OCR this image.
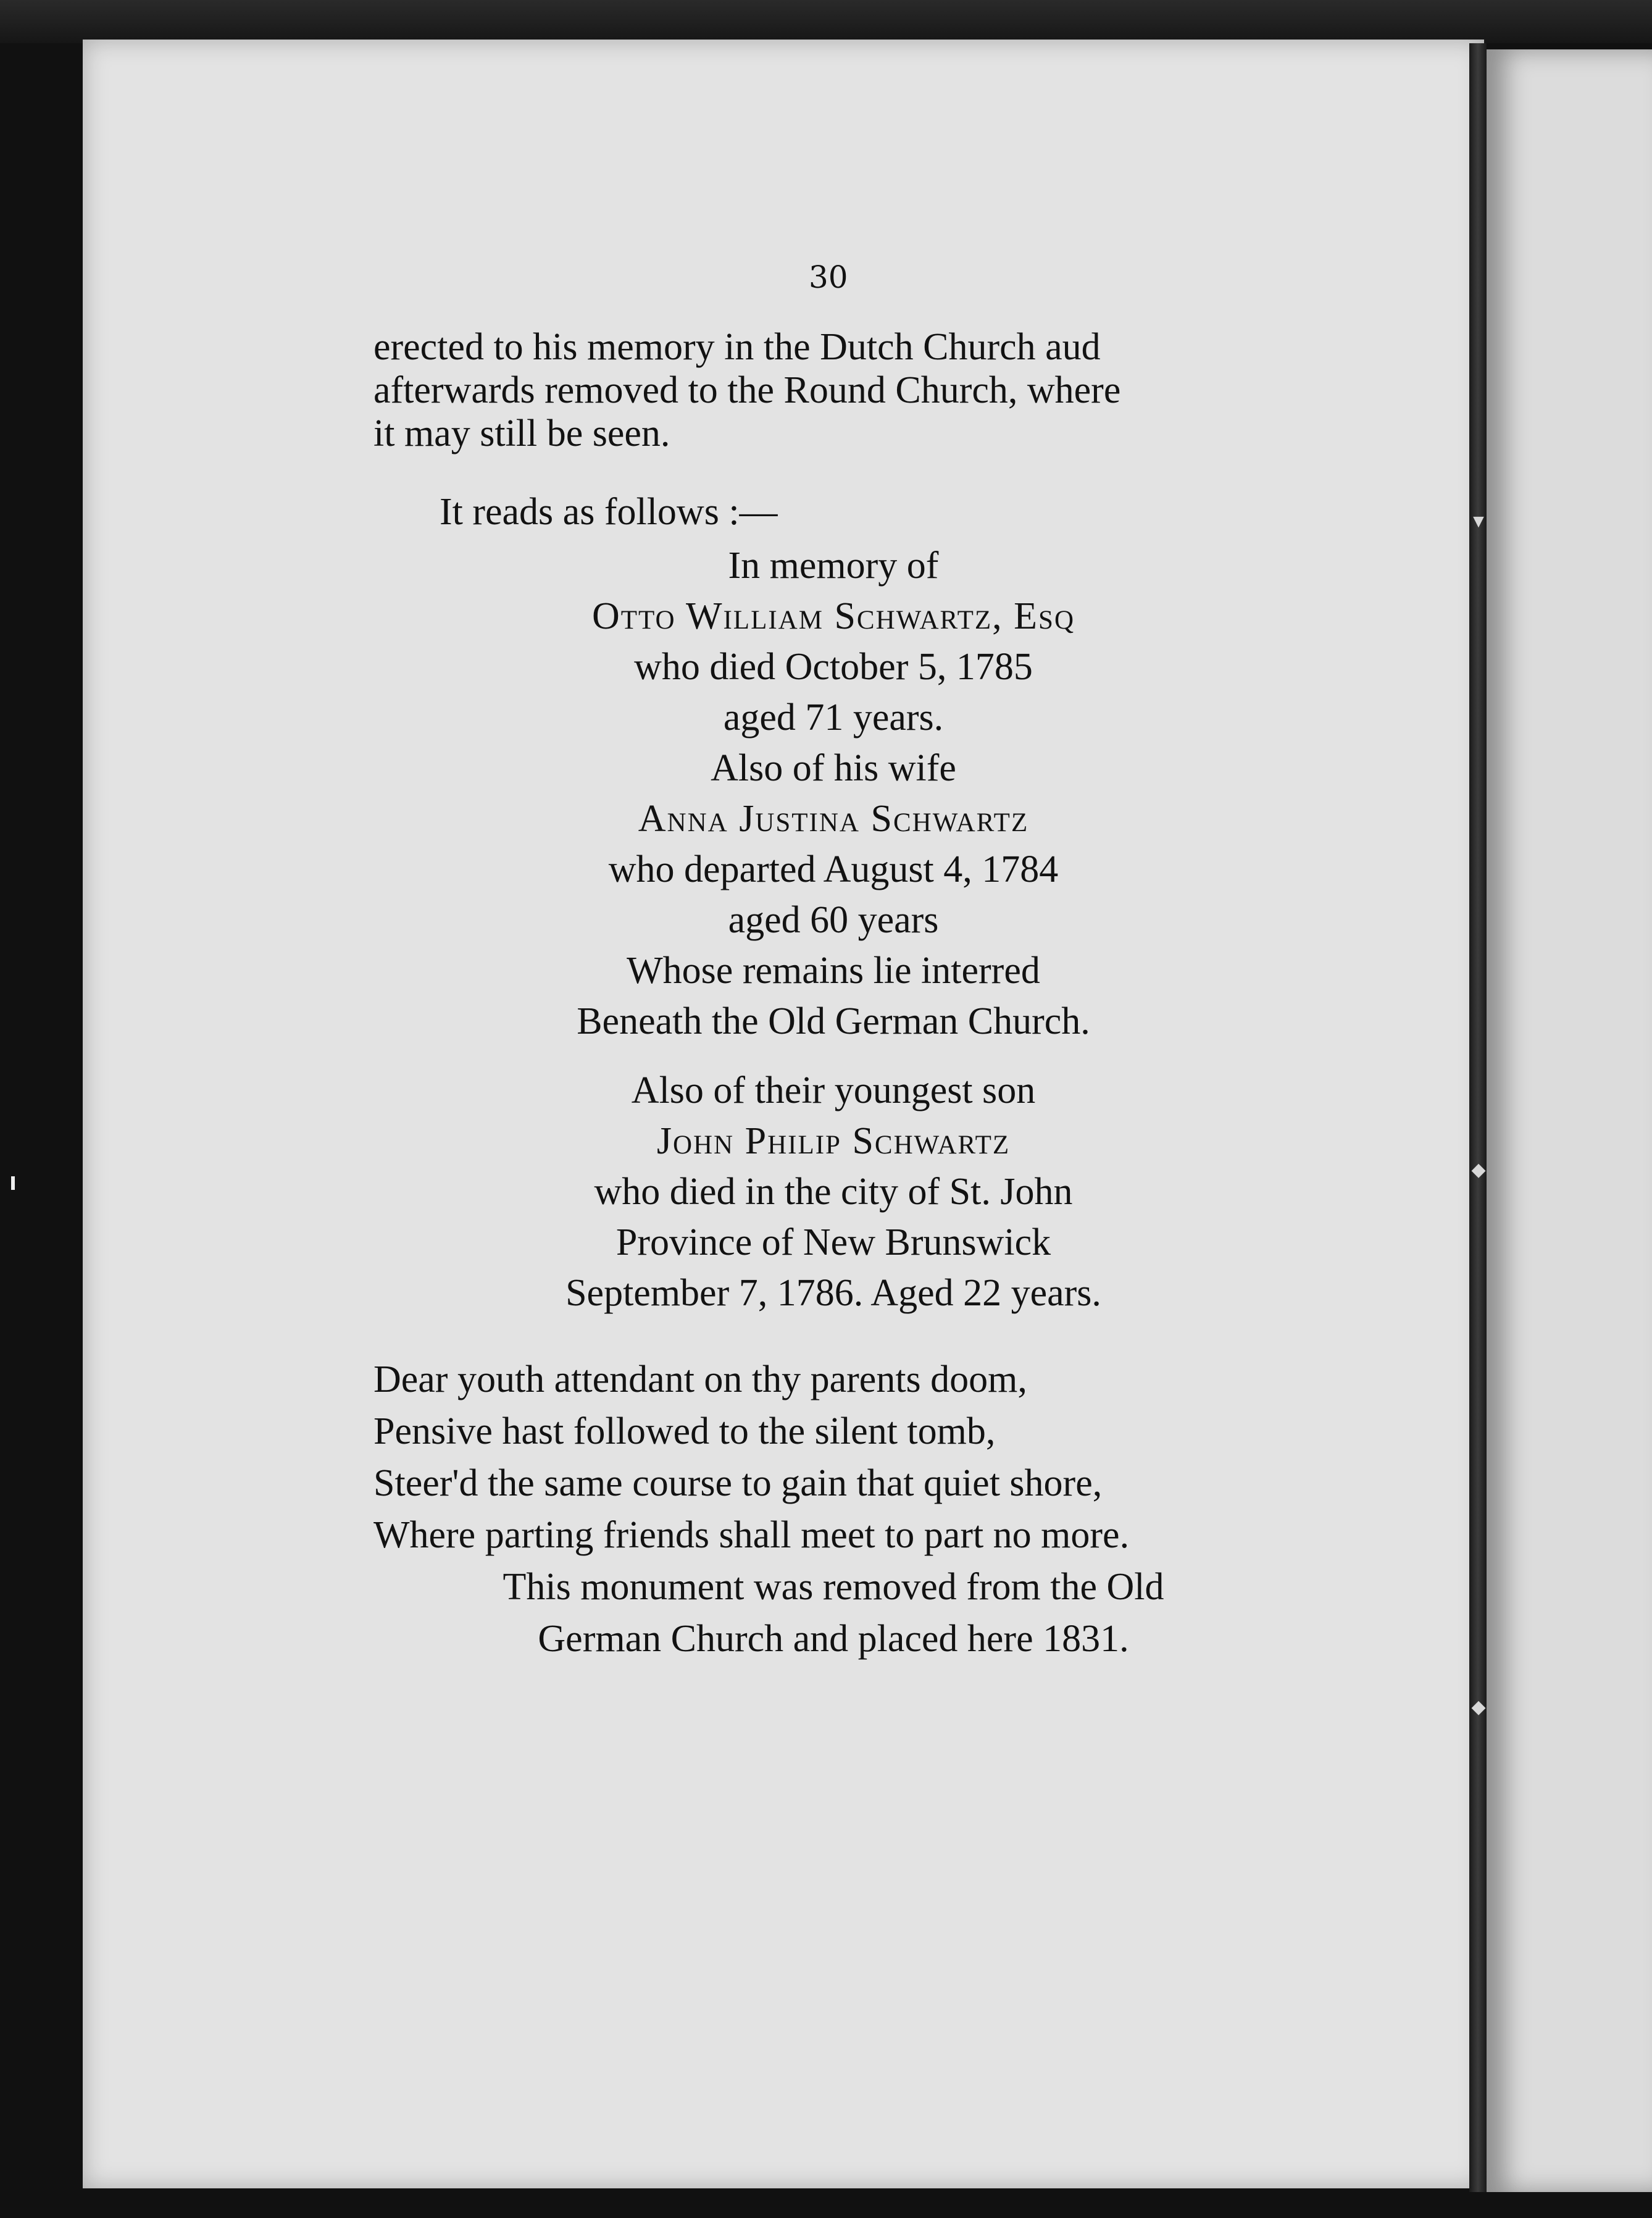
▼
◆
◆
30
erected to his memory in the Dutch Church aud
afterwards removed to the Round Church, where
it may still be seen.
It reads as follows :—
In memory of
Otto William Schwartz, Esq
who died October 5, 1785
aged 71 years.
Also of his wife
Anna Justina Schwartz
who departed August 4, 1784
aged 60 years
Whose remains lie interred
Beneath the Old German Church.
Also of their youngest son
John Philip Schwartz
who died in the city of St. John
Province of New Brunswick
September 7, 1786. Aged 22 years.
Dear youth attendant on thy parents doom,
Pensive hast followed to the silent tomb,
Steer'd the same course to gain that quiet shore,
Where parting friends shall meet to part no more.
This monument was removed from the Old
German Church and placed here 1831.
